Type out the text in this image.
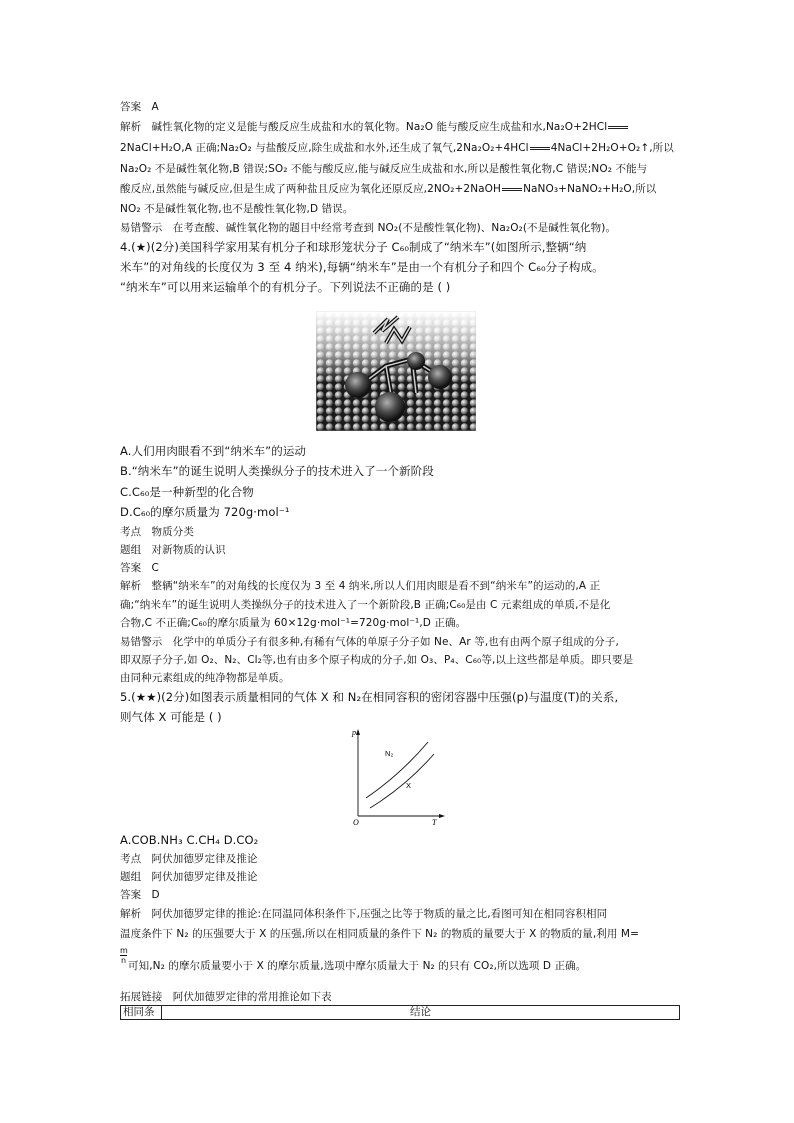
答案 A
解析 碱性氧化物的定义是能与酸反应生成盐和水的氧化物。Na₂O 能与酸反应生成盐和水,Na₂O+2HCl
2NaCl+H₂O,A 正确;Na₂O₂ 与盐酸反应,除生成盐和水外,还生成了氧气,2Na₂O₂+4HCl 4NaCl+2H₂O+O₂↑,所以
Na₂O₂ 不是碱性氧化物,B 错误;SO₂ 不能与酸反应,能与碱反应生成盐和水,所以是酸性氧化物,C 错误;NO₂ 不能与
酸反应,虽然能与碱反应,但是生成了两种盐且反应为氧化还原反应,2NO₂+2NaOH NaNO₃+NaNO₂+H₂O,所以
NO₂ 不是碱性氧化物,也不是酸性氧化物,D 错误。
易错警示 在考查酸、碱性氧化物的题目中经常考查到 NO₂(不是酸性氧化物)、Na₂O₂(不是碱性氧化物)。
4.(★)(2分)美国科学家用某有机分子和球形笼状分子 C₆₀制成了“纳米车”(如图所示,整辆“纳
米车”的对角线的长度仅为 3 至 4 纳米),每辆“纳米车”是由一个有机分子和四个 C₆₀分子构成。
“纳米车”可以用来运输单个的有机分子。下列说法不正确的是 ( )
A.人们用肉眼看不到“纳米车”的运动
B.“纳米车”的诞生说明人类操纵分子的技术进入了一个新阶段
C.C₆₀是一种新型的化合物
D.C₆₀的摩尔质量为 720g·mol⁻¹
考点 物质分类
题组 对新物质的认识
答案 C
解析 整辆“纳米车”的对角线的长度仅为 3 至 4 纳米,所以人们用肉眼是看不到“纳米车”的运动的,A 正
确;“纳米车”的诞生说明人类操纵分子的技术进入了一个新阶段,B 正确;C₆₀是由 C 元素组成的单质,不是化
合物,C 不正确;C₆₀的摩尔质量为 60×12g·mol⁻¹=720g·mol⁻¹,D 正确。
易错警示 化学中的单质分子有很多种,有稀有气体的单原子分子如 Ne、Ar 等,也有由两个原子组成的分子,
即双原子分子,如 O₂、N₂、Cl₂等,也有由多个原子构成的分子,如 O₃、P₄、C₆₀等,以上这些都是单质。即只要是
由同种元素组成的纯净物都是单质。
5.(★★)(2分)如图表示质量相同的气体 X 和 N₂在相同容积的密闭容器中压强(p)与温度(T)的关系,
则气体 X 可能是 ( )
p
T
O
N₂
X
A.COB.NH₃ C.CH₄ D.CO₂
考点 阿伏加德罗定律及推论
题组 阿伏加德罗定律及推论
答案 D
解析 阿伏加德罗定律的推论:在同温同体积条件下,压强之比等于物质的量之比,看图可知在相同容积相同
温度条件下 N₂ 的压强要大于 X 的压强,所以在相同质量的条件下 N₂ 的物质的量要大于 X 的物质的量,利用 M=
m
n 可知,N₂ 的摩尔质量要小于 X 的摩尔质量,选项中摩尔质量大于 N₂ 的只有 CO₂,所以选项 D 正确。
拓展链接 阿伏加德罗定律的常用推论如下表
相同条	结论
